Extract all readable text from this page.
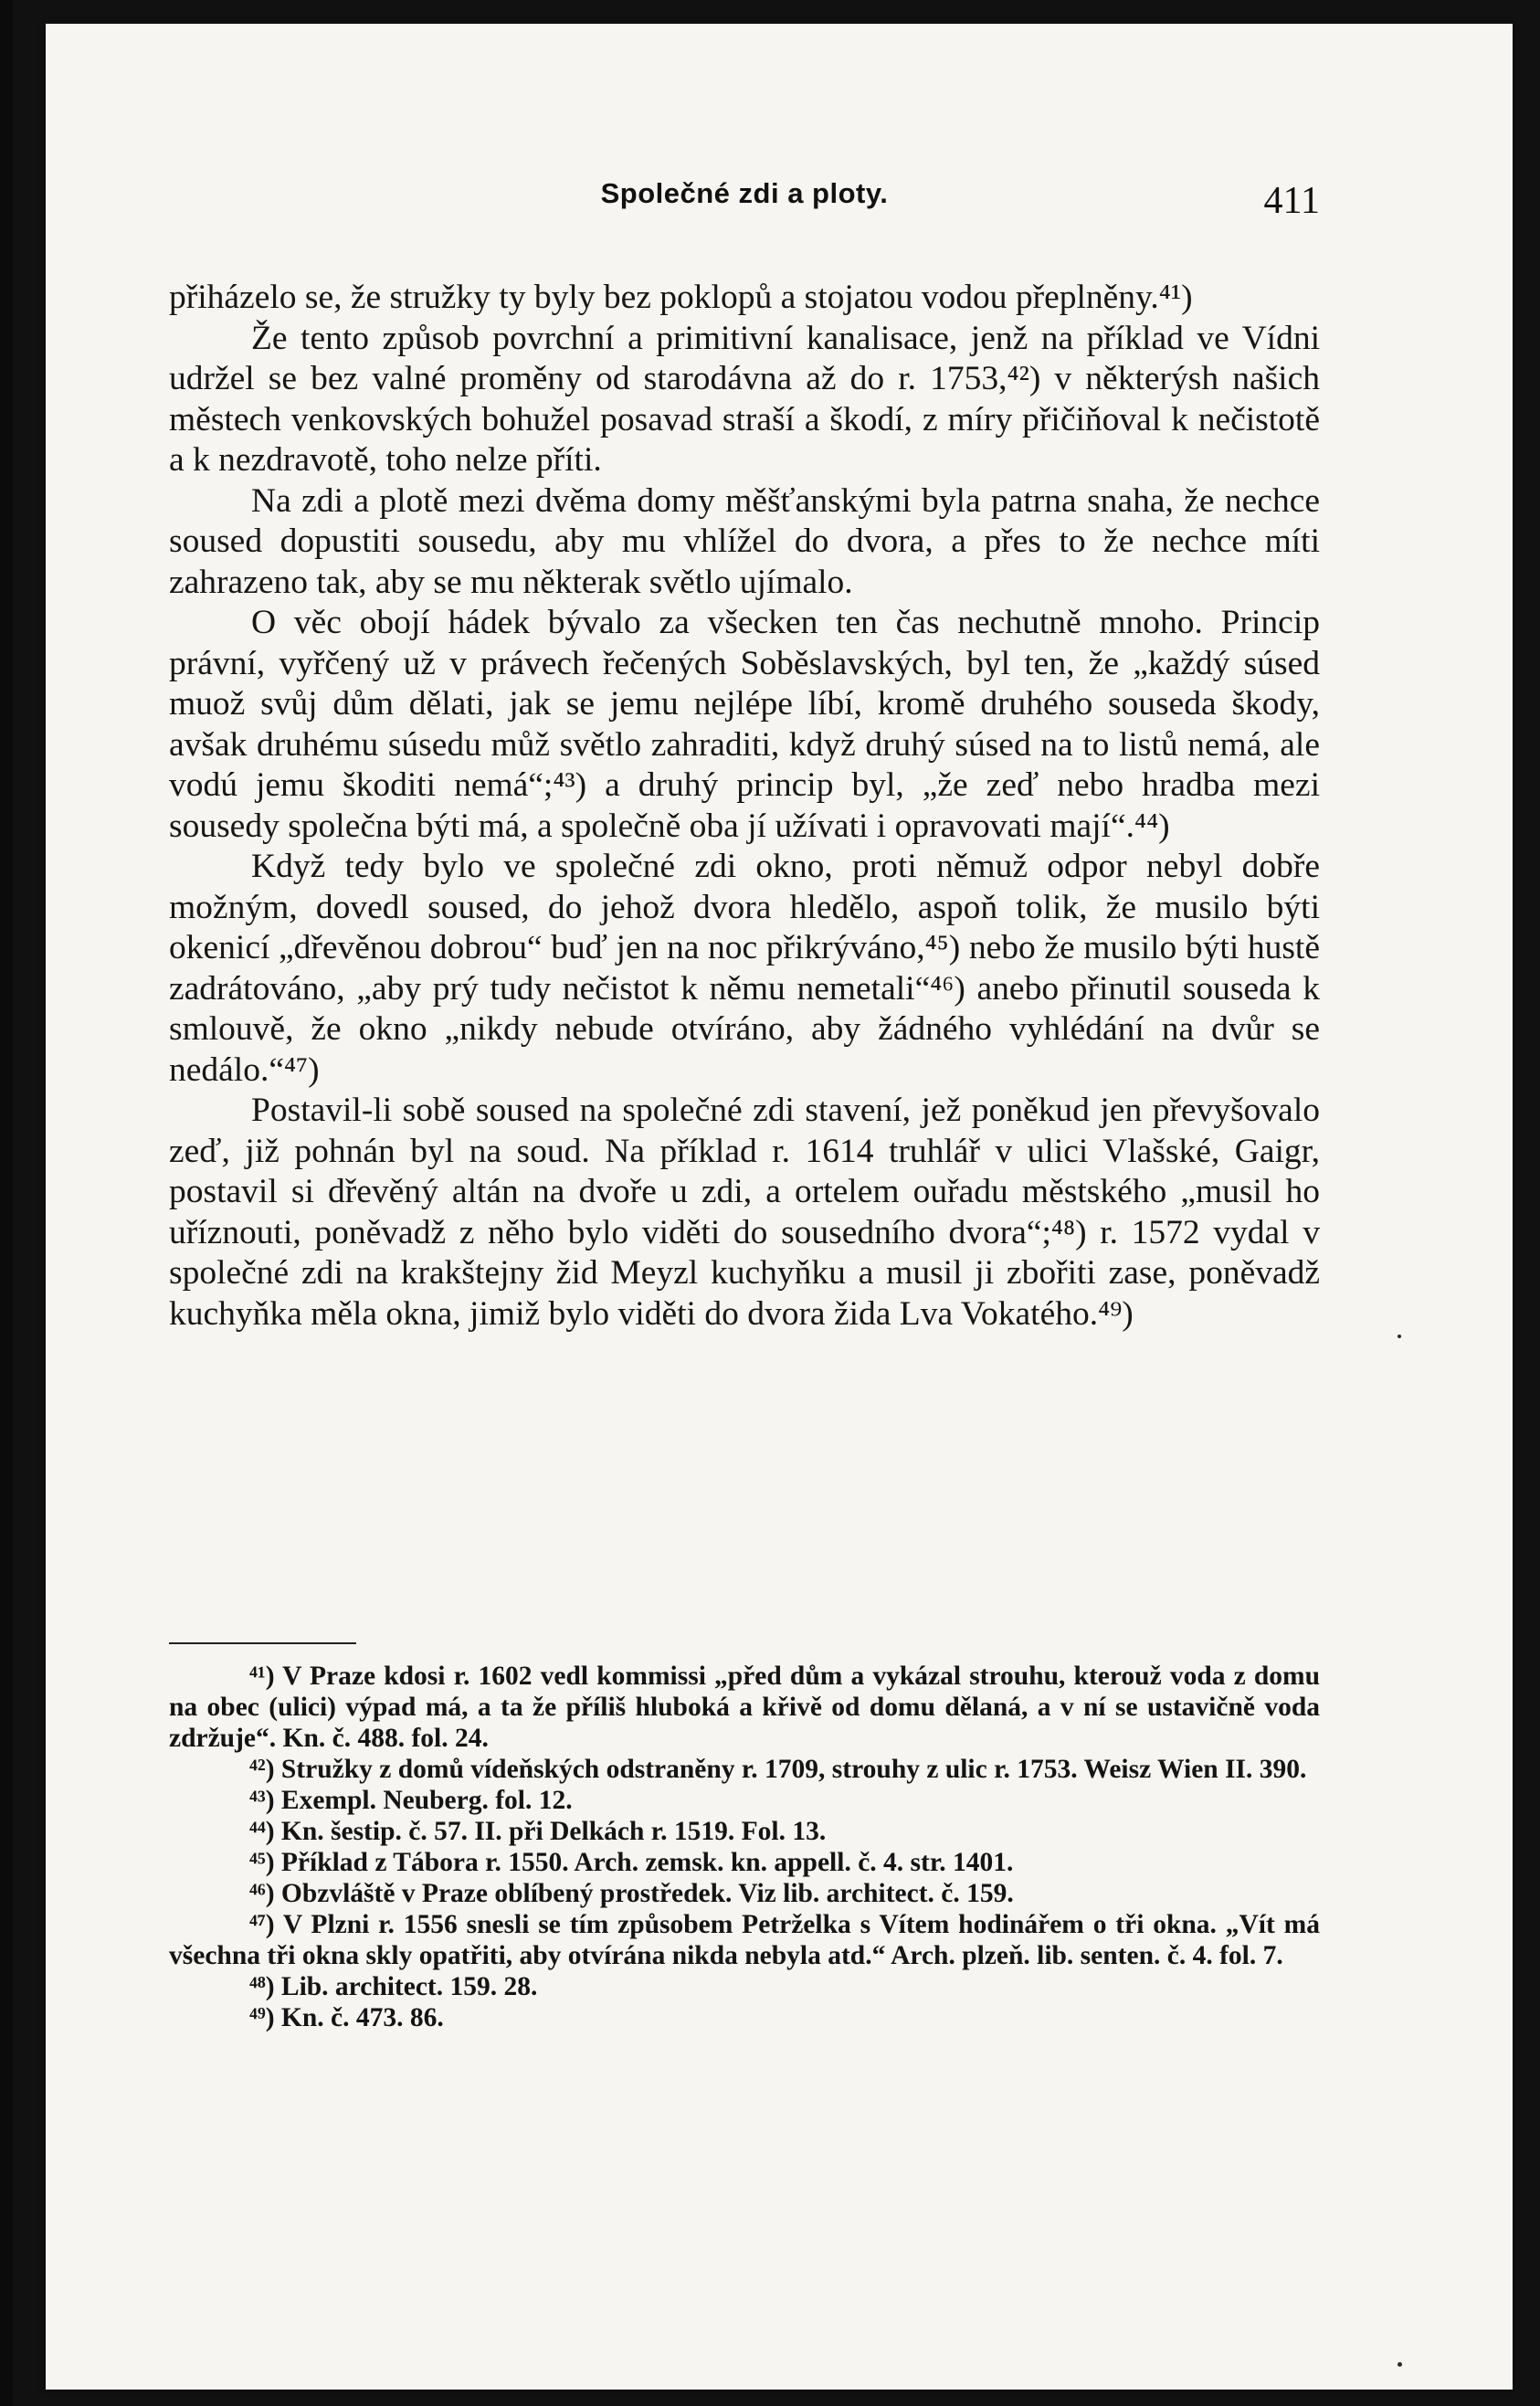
Společné zdi a ploty.	411

přiházelo se, že stružky ty byly bez poklopů a stojatou vodou přeplněny.⁴¹)

Že tento způsob povrchní a primitivní kanalisace, jenž na příklad ve Vídni udržel se bez valné proměny od starodávna až do r. 1753,⁴²) v některýsh našich městech venkovských bohužel posavad straší a škodí, z míry přičiňoval k nečistotě a k nezdravotě, toho nelze příti.

Na zdi a plotě mezi dvěma domy měšťanskými byla patrna snaha, že nechce soused dopustiti sousedu, aby mu vhlížel do dvora, a přes to že nechce míti zahrazeno tak, aby se mu některak světlo ujímalo.

O věc obojí hádek bývalo za všecken ten čas nechutně mnoho. Princip právní, vyřčený už v právech řečených Soběslavských, byl ten, že „každý súsed muož svůj dům dělati, jak se jemu nejlépe líbí, kromě druhého souseda škody, avšak druhému súsedu můž světlo zahraditi, když druhý súsed na to listů nemá, ale vodú jemu škoditi nemá“;⁴³) a druhý princip byl, „že zeď nebo hradba mezi sousedy společna býti má, a společně oba jí užívati i opravovati mají“.⁴⁴)

Když tedy bylo ve společné zdi okno, proti němuž odpor nebyl dobře možným, dovedl soused, do jehož dvora hledělo, aspoň tolik, že musilo býti okenicí „dřevěnou dobrou“ buď jen na noc přikrýváno,⁴⁵) nebo že musilo býti hustě zadrátováno, „aby prý tudy nečistot k němu nemetali“⁴⁶) anebo přinutil souseda k smlouvě, že okno „nikdy nebude otvíráno, aby žádného vyhlédání na dvůr se nedálo.“⁴⁷)

Postavil-li sobě soused na společné zdi stavení, jež poněkud jen převyšovalo zeď, již pohnán byl na soud. Na příklad r. 1614 truhlář v ulici Vlašské, Gaigr, postavil si dřevěný altán na dvoře u zdi, a ortelem ouřadu městského „musil ho uříznouti, poněvadž z něho bylo viděti do sousedního dvora“;⁴⁸) r. 1572 vydal v společné zdi na krakštejny žid Meyzl kuchyňku a musil ji zbořiti zase, poněvadž kuchyňka měla okna, jimiž bylo viděti do dvora žida Lva Vokatého.⁴⁹)

⁴¹) V Praze kdosi r. 1602 vedl kommissi „před dům a vykázal strouhu, kterouž voda z domu na obec (ulici) výpad má, a ta že příliš hluboká a křivě od domu dělaná, a v ní se ustavičně voda zdržuje“. Kn. č. 488. fol. 24.

⁴²) Stružky z domů vídeňských odstraněny r. 1709, strouhy z ulic r. 1753. Weisz Wien II. 390.

⁴³) Exempl. Neuberg. fol. 12.

⁴⁴) Kn. šestip. č. 57. II. při Delkách r. 1519. Fol. 13.

⁴⁵) Příklad z Tábora r. 1550. Arch. zemsk. kn. appell. č. 4. str. 1401.

⁴⁶) Obzvláště v Praze oblíbený prostředek. Viz lib. architect. č. 159.

⁴⁷) V Plzni r. 1556 snesli se tím způsobem Petrželka s Vítem hodinářem o tři okna. „Vít má všechna tři okna skly opatřiti, aby otvírána nikda nebyla atd.“ Arch. plzeň. lib. senten. č. 4. fol. 7.

⁴⁸) Lib. architect. 159. 28.

⁴⁹) Kn. č. 473. 86.
